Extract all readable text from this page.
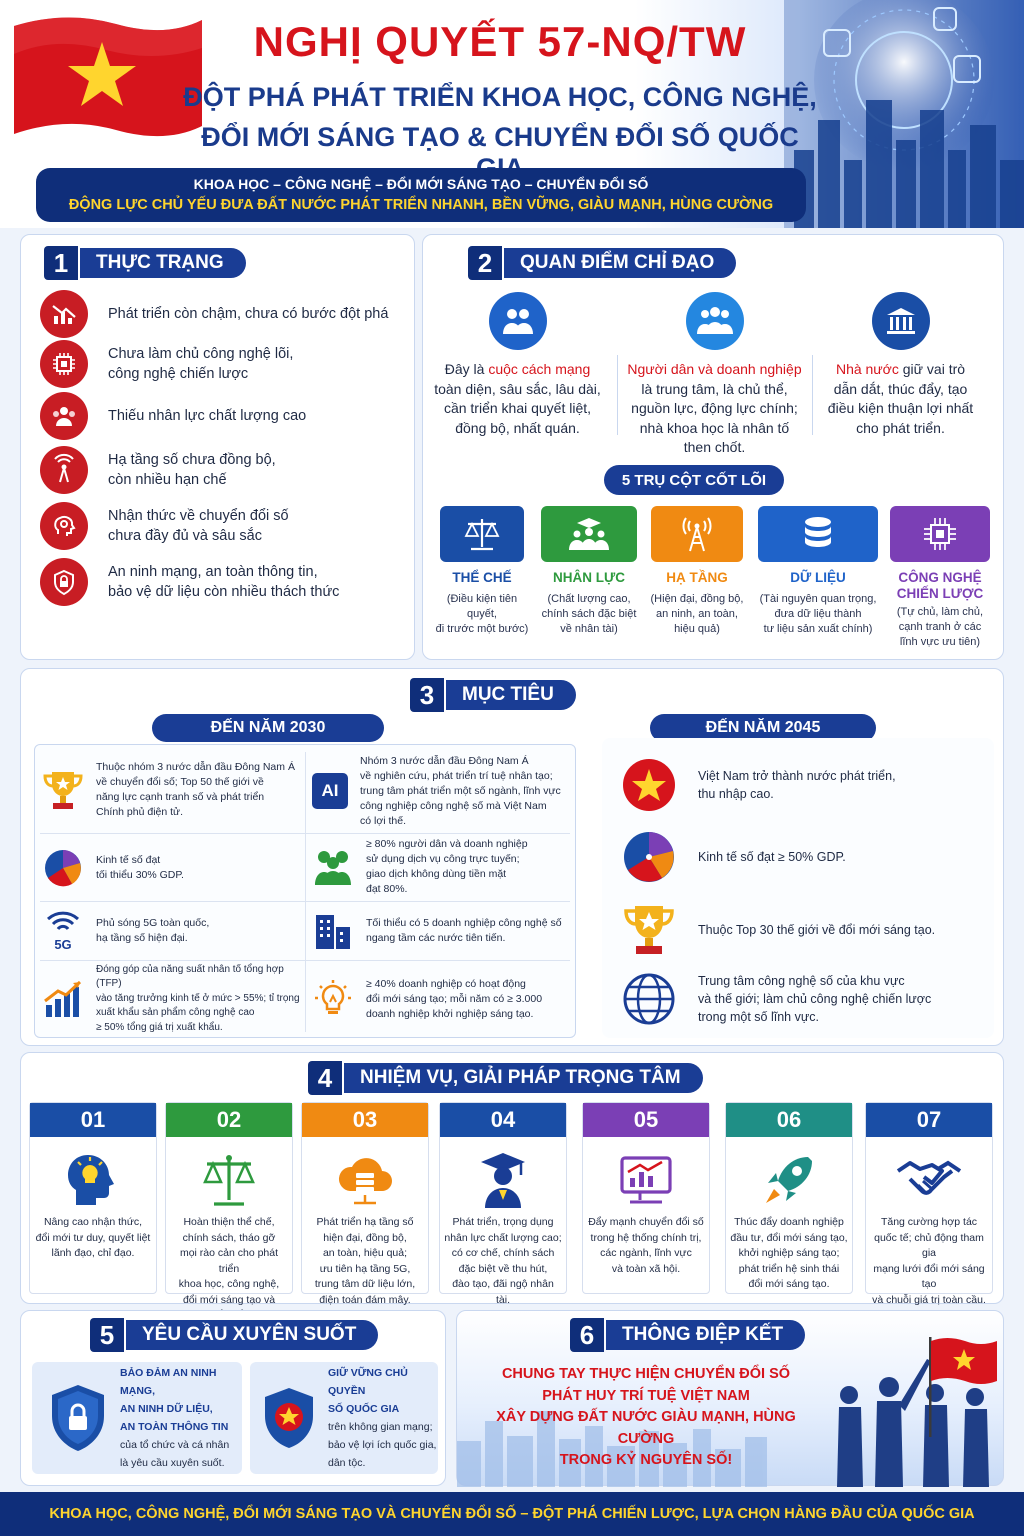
NGHỊ QUYẾT 57-NQ/TW
ĐỘT PHÁ PHÁT TRIỂN KHOA HỌC, CÔNG NGHỆ,
ĐỔI MỚI SÁNG TẠO & CHUYỂN ĐỔI SỐ QUỐC
KHOA HỌC – CÔNG NGHỆ – ĐỔI MỚI SÁNG TẠO – CHUYỂN ĐỔI SỐ
ĐỘNG LỰC CHỦ YẾU ĐƯA ĐẤT NƯỚC PHÁT TRIỂN NHANH, BỀN VỮNG, GIÀU MẠNH, HÙNG CƯỜNG
1	THỰC TRẠNG
Phát triển còn chậm, chưa có bước đột phá
Chưa làm chủ công nghệ lõi,
công nghệ chiến lược
Thiếu nhân lực chất lượng cao
Hạ tầng số chưa đồng bộ,
còn nhiều hạn chế
Nhận thức về chuyển đổi số
chưa đầy đủ và sâu sắc
An ninh mạng, an toàn thông tin,
bảo vệ dữ liệu còn nhiều thách thức
2	QUAN ĐIỂM CHỈ ĐẠO
Đây là cuộc cách mạng
toàn diện, sâu sắc, lâu dài,
cần triển khai quyết liệt,
đồng bộ, nhất quán.
Người dân và doanh nghiệp
là trung tâm, là chủ thể,
nguồn lực, động lực chính;
nhà khoa học là nhân tố
then chốt.
Nhà nước giữ vai trò
dẫn dắt, thúc đẩy, tạo
điều kiện thuận lợi nhất
cho phát triển.
5 TRỤ CỘT CỐT LÕI
THỂ CHẾ
(Điều kiện tiên quyết,
đi trước một bước)
NHÂN LỰC
(Chất lượng cao,
chính sách đặc biệt
về nhân tài)
HẠ TẦNG
(Hiện đại, đồng bộ,
an ninh, an toàn,
hiệu quả)
DỮ LIỆU
(Tài nguyên quan trọng,
đưa dữ liệu thành
tư liệu sản xuất chính)
CÔNG NGHỆ
CHIẾN LƯỢC
(Tự chủ, làm chủ,
cạnh tranh ở các
lĩnh vực ưu tiên)
3	MỤC TIÊU
ĐẾN NĂM 2030	ĐẾN NĂM 2045
Thuộc nhóm 3 nước dẫn đầu Đông Nam Á
về chuyển đổi số; Top 50 thế giới về
năng lực cạnh tranh số và phát triển
Chính phủ điện tử.
AI
Nhóm 3 nước dẫn đầu Đông Nam Á
về nghiên cứu, phát triển trí tuệ nhân tạo;
trung tâm phát triển một số ngành, lĩnh vực
công nghiệp công nghệ số mà Việt Nam
có lợi thế.
Kinh tế số đạt
tối thiểu 30% GDP.
≥ 80% người dân và doanh nghiệp
sử dụng dịch vụ công trực tuyến;
giao dịch không dùng tiền mặt
đạt 80%.
5G
Phủ sóng 5G toàn quốc,
hạ tầng số hiện đại.
Tối thiểu có 5 doanh nghiệp công nghệ số
ngang tầm các nước tiên tiến.
Đóng góp của năng suất nhân tố tổng hợp (TFP)
vào tăng trưởng kinh tế ở mức > 55%; tỉ trọng
xuất khẩu sản phẩm công nghệ cao
≥ 50% tổng giá trị xuất khẩu.
≥ 40% doanh nghiệp có hoạt động
đổi mới sáng tạo; mỗi năm có ≥ 3.000
doanh nghiệp khởi nghiệp sáng tạo.
Việt Nam trở thành nước phát triển,
thu nhập cao.
Kinh tế số đạt ≥ 50% GDP.
Thuộc Top 30 thế giới về đổi mới sáng tạo.
Trung tâm công nghệ số của khu vực
và thế giới; làm chủ công nghệ chiến lược
trong một số lĩnh vực.
4	NHIỆM VỤ, GIẢI PHÁP TRỌNG TÂM
01
Nâng cao nhận thức,
đổi mới tư duy, quyết liệt
lãnh đạo, chỉ đạo.
02
Hoàn thiện thể chế,
chính sách, tháo gỡ
mọi rào cản cho phát triển
khoa học, công nghệ,
đổi mới sáng tạo và
03
Phát triển hạ tầng số
hiện đại, đồng bộ,
an toàn, hiệu quả;
ưu tiên hạ tầng 5G,
trung tâm dữ liệu lớn,
điện toán đám mây.
04
Phát triển, trọng dụng
nhân lực chất lượng cao;
có cơ chế, chính sách
đặc biệt về thu hút,
đào tạo, đãi ngộ nhân tài.
05
Đẩy mạnh chuyển đổi số
trong hệ thống chính trị,
các ngành, lĩnh vực
và toàn xã hội.
06
Thúc đẩy doanh nghiệp
đầu tư, đổi mới sáng tạo,
khởi nghiệp sáng tạo;
phát triển hệ sinh thái
đổi mới sáng tạo.
07
Tăng cường hợp tác
quốc tế; chủ động tham gia
mạng lưới đổi mới sáng tạo
và chuỗi giá trị toàn cầu.
5	YÊU CẦU XUYÊN SUỐT
BẢO ĐẢM AN NINH MẠNG,
AN NINH DỮ LIỆU,
AN TOÀN THÔNG TIN
của tổ chức và cá nhân
là yêu cầu xuyên suốt.
GIỮ VỮNG CHỦ QUYỀN
SỐ QUỐC GIA
trên không gian mạng;
bảo vệ lợi ích quốc gia,
dân tộc.
6	THÔNG ĐIỆP KẾT
CHUNG TAY THỰC HIỆN CHUYỂN ĐỔI SỐ
PHÁT HUY TRÍ TUỆ VIỆT NAM
XÂY DỰNG ĐẤT NƯỚC GIÀU MẠNH, HÙNG CƯỜNG
TRONG KỶ NGUYÊN SỐ!
KHOA HỌC, CÔNG NGHỆ, ĐỔI MỚI SÁNG TẠO VÀ CHUYỂN ĐỔI SỐ – ĐỘT PHÁ CHIẾN LƯỢC, LỰA CHỌN HÀNG ĐẦU CỦA QUỐC GIA
